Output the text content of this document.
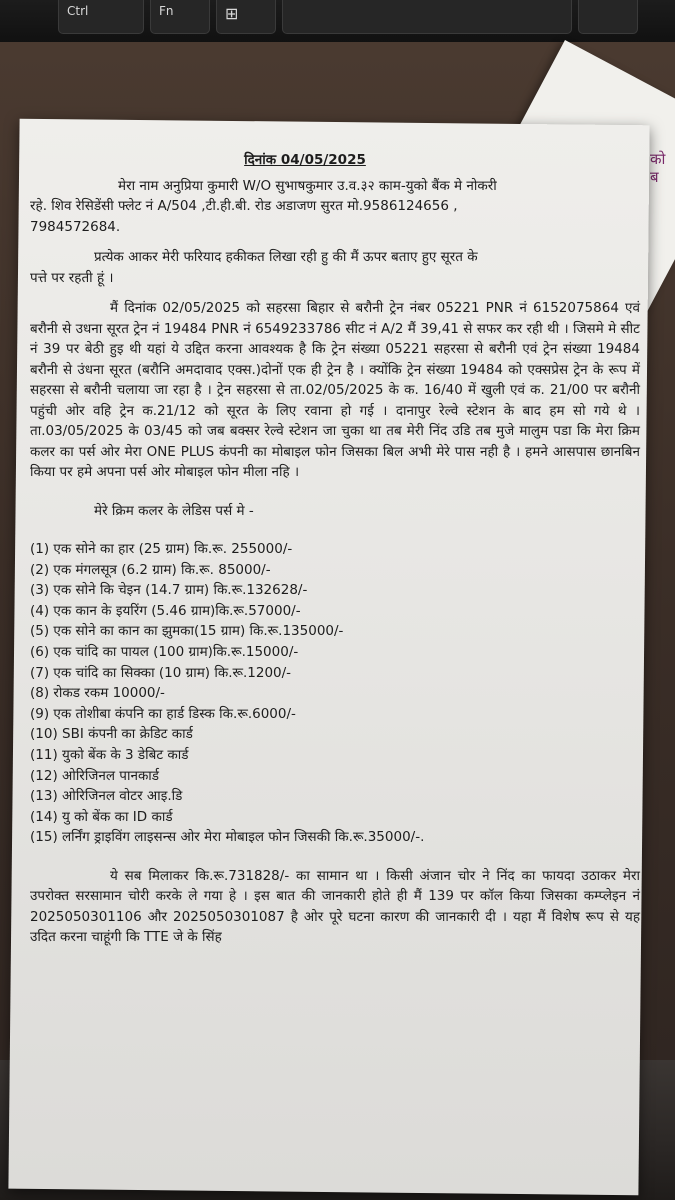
Ctrl	Fn	⊞
को ब

दिनांक 04/05/2025

मेरा नाम अनुप्रिया कुमारी W/O सुभाषकुमार उ.व.३२ काम-युको बैंक मे नोकरी

रहे. शिव रेसिडेंसी फ्लेट नं A/504 ,टी.ही.बी. रोड अडाजण सुरत मो.9586124656 ,

7984572684.

प्रत्येक आकर मेरी फरियाद हकीकत लिखा रही हु की मैं ऊपर बताए हुए सूरत के

पत्ते पर रहती हूं ।

मैं दिनांक 02/05/2025 को सहरसा बिहार से बरौनी ट्रेन नंबर 05221 PNR नं 6152075864 एवं बरौनी से उधना सूरत ट्रेन नं 19484 PNR नं 6549233786 सीट नं A/2 मैं 39,41 से सफर कर रही थी । जिसमे मे सीट नं 39 पर बेठी हुइ थी यहां ये उद्दित करना आवश्यक है कि ट्रेन संख्या 05221 सहरसा से बरौनी एवं ट्रेन संख्या 19484 बरौनी से उंधना सूरत (बरौनि अमदावाद एक्स.)दोनों एक ही ट्रेन है । क्योंकि ट्रेन संख्या 19484 को एक्सप्रेस ट्रेन के रूप में सहरसा से बरौनी चलाया जा रहा है । ट्रेन सहरसा से ता.02/05/2025 के क. 16/40 में खुली एवं क. 21/00 पर बरौनी पहुंची ओर वहि ट्रेन क.21/12 को सूरत के लिए रवाना हो गई । दानापुर रेल्वे स्टेशन के बाद हम सो गये थे । ता.03/05/2025 के 03/45 को जब बक्सर रेल्वे स्टेशन जा चुका था तब मेरी निंद उडि तब मुजे मालुम पडा कि मेरा क्रिम कलर का पर्स ओर मेरा ONE PLUS कंपनी का मोबाइल फोन जिसका बिल अभी मेरे पास नही है । हमने आसपास छानबिन किया पर हमे अपना पर्स ओर मोबाइल फोन मीला नहि ।

मेरे क्रिम कलर के लेडिस पर्स मे -

(1) एक सोने का हार (25 ग्राम) कि.रू. 255000/-
(2) एक मंगलसूत्र (6.2 ग्राम) कि.रू. 85000/-
(3) एक सोने कि चेइन (14.7 ग्राम) कि.रू.132628/-
(4) एक कान के इयरिंग (5.46 ग्राम)कि.रू.57000/-
(5) एक सोने का कान का झुमका(15 ग्राम) कि.रू.135000/-
(6) एक चांदि का पायल (100 ग्राम)कि.रू.15000/-
(7) एक चांदि का सिक्का (10 ग्राम) कि.रू.1200/-
(8) रोकड रकम 10000/-
(9) एक तोशीबा कंपनि का हार्ड डिस्क कि.रू.6000/-
(10) SBI कंपनी का क्रेडिट कार्ड
(11) युको बेंक के 3 डेबिट कार्ड
(12) ओरिजिनल पानकार्ड
(13) ओरिजिनल वोटर आइ.डि
(14) यु को बेंक का ID कार्ड
(15) लर्निंग ड्राइविंग लाइसन्स ओर मेरा मोबाइल फोन जिसकी कि.रू.35000/-.

ये सब मिलाकर कि.रू.731828/- का सामान था । किसी अंजान चोर ने निंद का फायदा उठाकर मेरा उपरोक्त सरसामान चोरी करके ले गया हे । इस बात की जानकारी होते ही मैं 139 पर कॉल किया जिसका कम्प्लेइन नं 2025050301106 और 2025050301087 है ओर पूरे घटना कारण की जानकारी दी । यहा मैं विशेष रूप से यह उदित करना चाहूंगी कि TTE जे के सिंह
